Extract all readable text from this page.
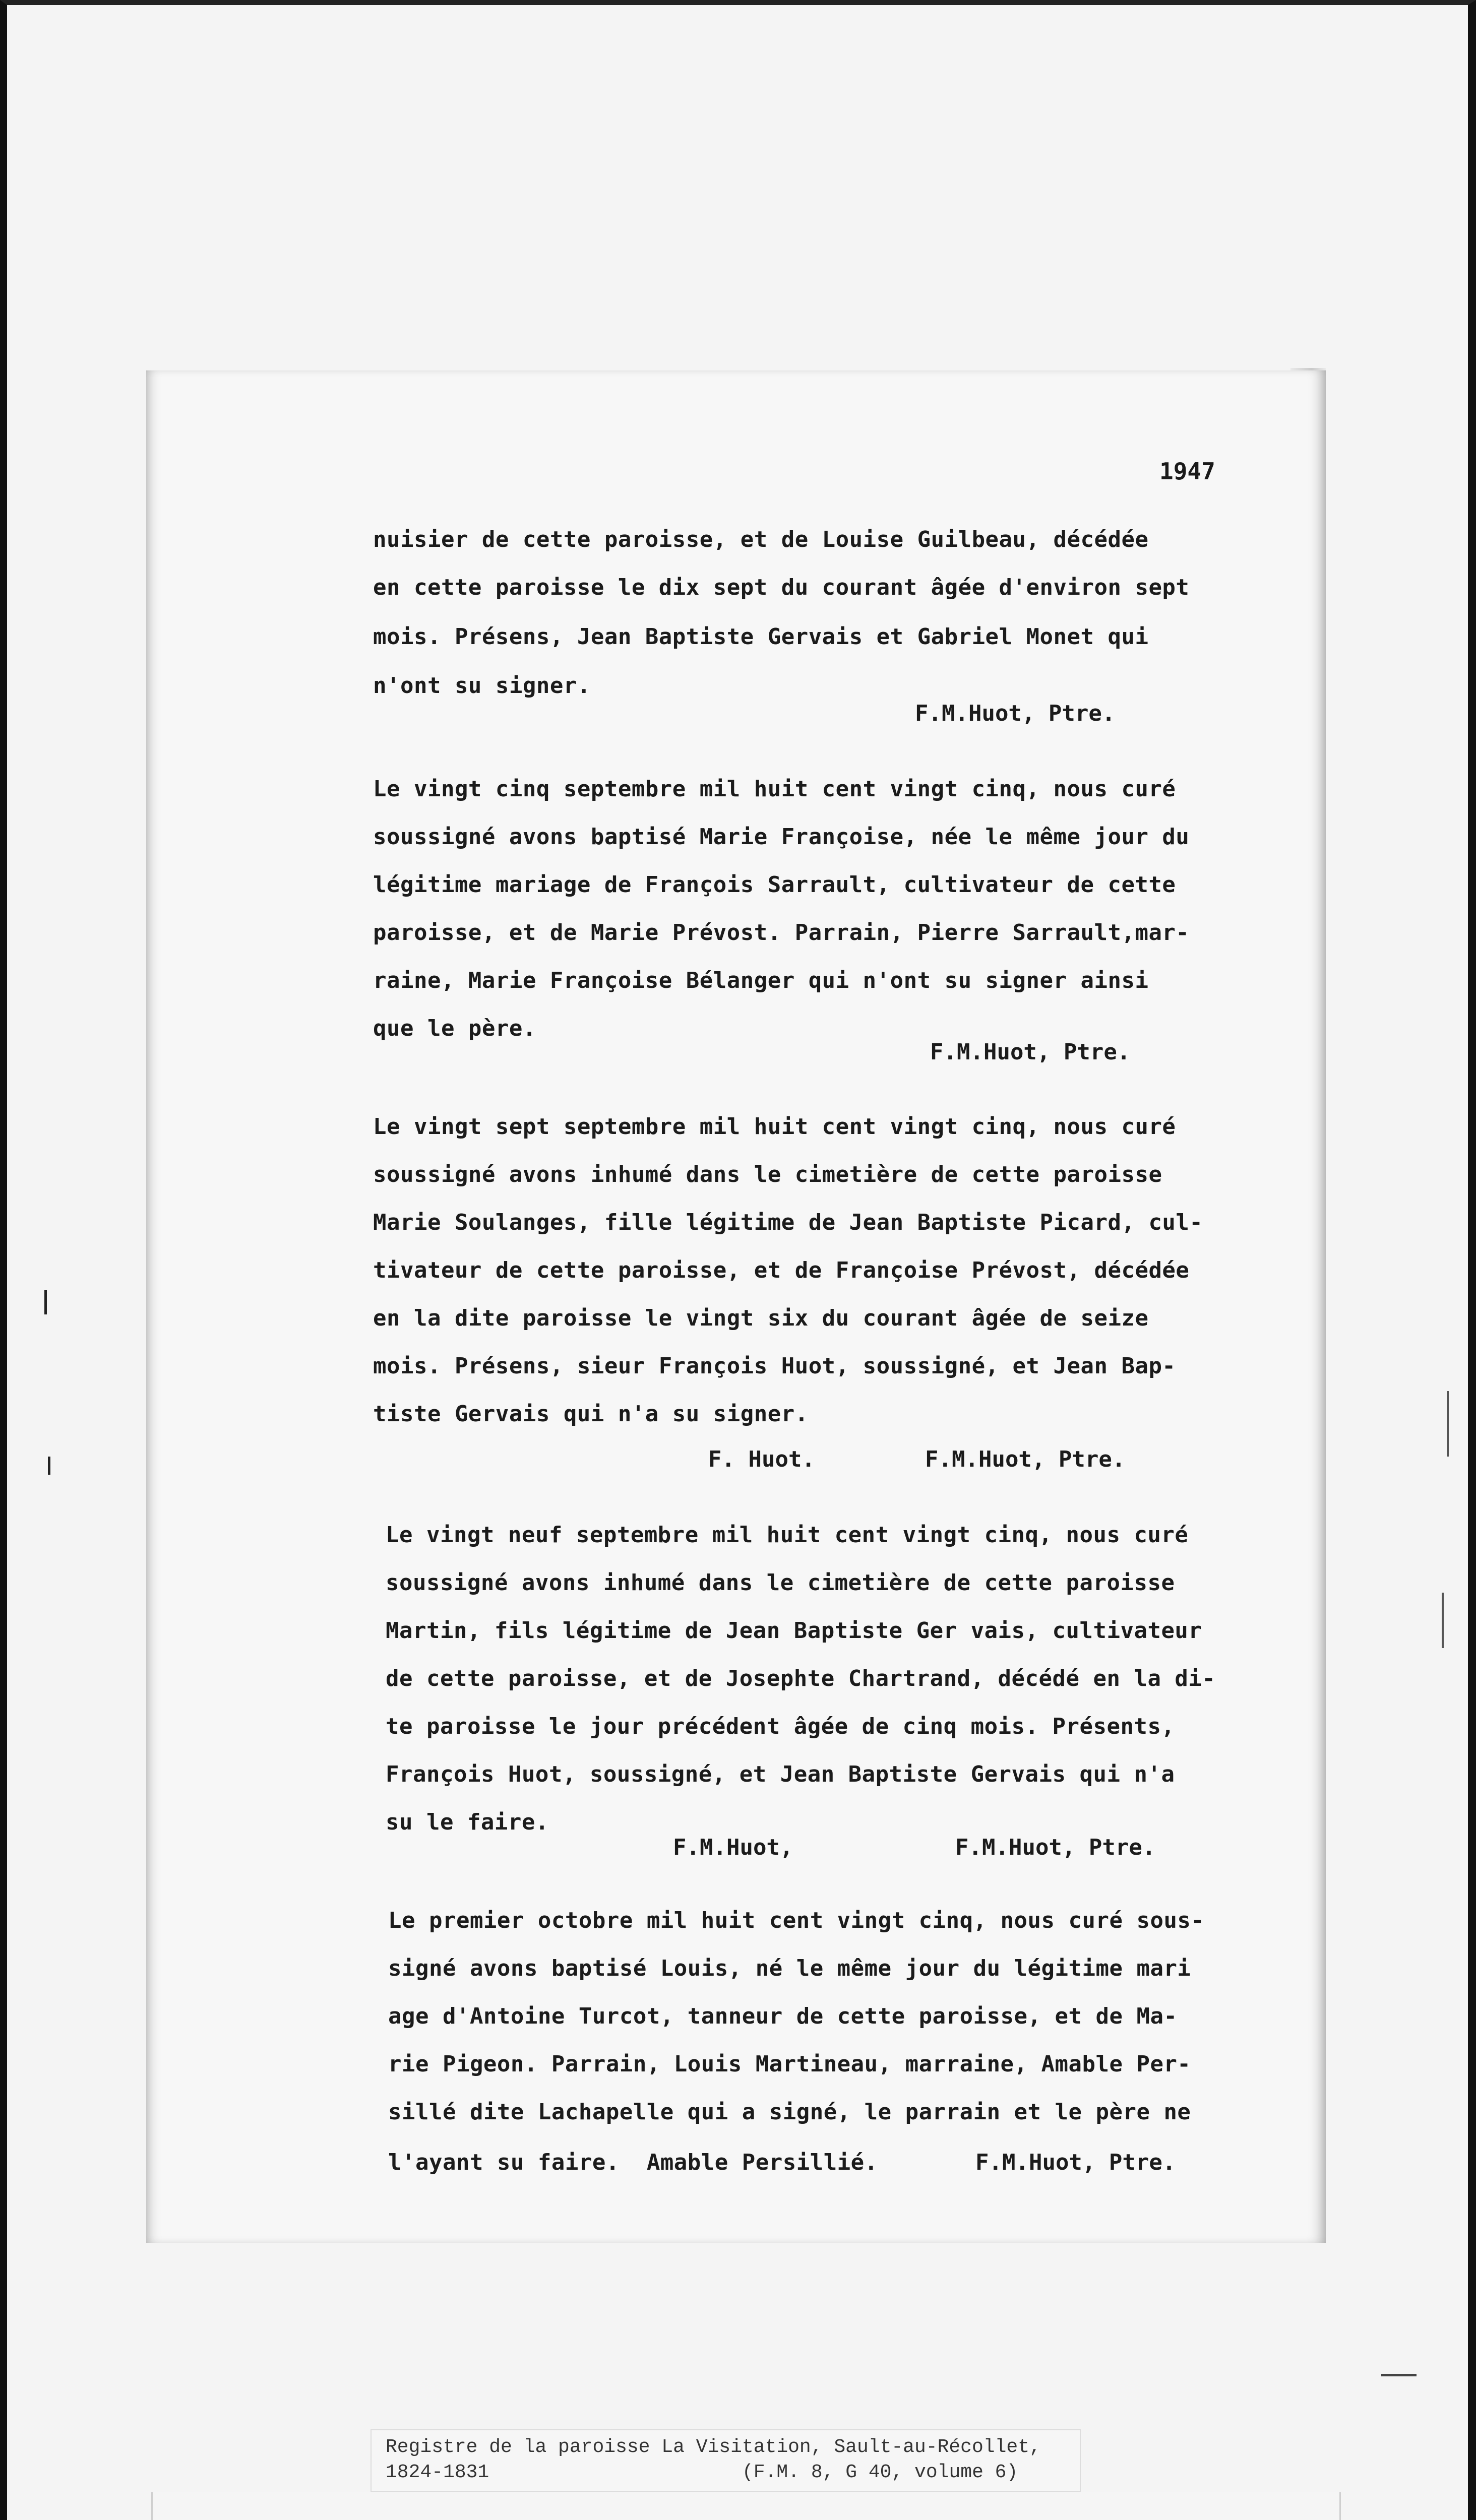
1947
nuisier de cette paroisse, et de Louise Guilbeau, décédée
en cette paroisse le dix sept du courant âgée d'environ sept
mois. Présens, Jean Baptiste Gervais et Gabriel Monet qui
n'ont su signer.
F.M.Huot, Ptre.
Le vingt cinq septembre mil huit cent vingt cinq, nous curé
soussigné avons baptisé Marie Françoise, née le même jour du
légitime mariage de François Sarrault, cultivateur de cette
paroisse, et de Marie Prévost. Parrain, Pierre Sarrault,mar-
raine, Marie Françoise Bélanger qui n'ont su signer ainsi
que le père.
F.M.Huot, Ptre.
Le vingt sept septembre mil huit cent vingt cinq, nous curé
soussigné avons inhumé dans le cimetière de cette paroisse
Marie Soulanges, fille légitime de Jean Baptiste Picard, cul-
tivateur de cette paroisse, et de Françoise Prévost, décédée
en la dite paroisse le vingt six du courant âgée de seize
mois. Présens, sieur François Huot, soussigné, et Jean Bap-
tiste Gervais qui n'a su signer.
F. Huot.	F.M.Huot, Ptre.
Le vingt neuf septembre mil huit cent vingt cinq, nous curé
soussigné avons inhumé dans le cimetière de cette paroisse
Martin, fils légitime de Jean Baptiste Ger vais, cultivateur
de cette paroisse, et de Josephte Chartrand, décédé en la di-
te paroisse le jour précédent âgée de cinq mois. Présents,
François Huot, soussigné, et Jean Baptiste Gervais qui n'a
su le faire.
F.M.Huot,	F.M.Huot, Ptre.
Le premier octobre mil huit cent vingt cinq, nous curé sous-
signé avons baptisé Louis, né le même jour du légitime mari
age d'Antoine Turcot, tanneur de cette paroisse, et de Ma-
rie Pigeon. Parrain, Louis Martineau, marraine, Amable Per-
sillé dite Lachapelle qui a signé, le parrain et le père ne
l'ayant su faire.  Amable Persillié.	F.M.Huot, Ptre.
Registre de la paroisse La Visitation, Sault-au-Récollet,
1824-1831	(F.M. 8, G 40, volume 6)
